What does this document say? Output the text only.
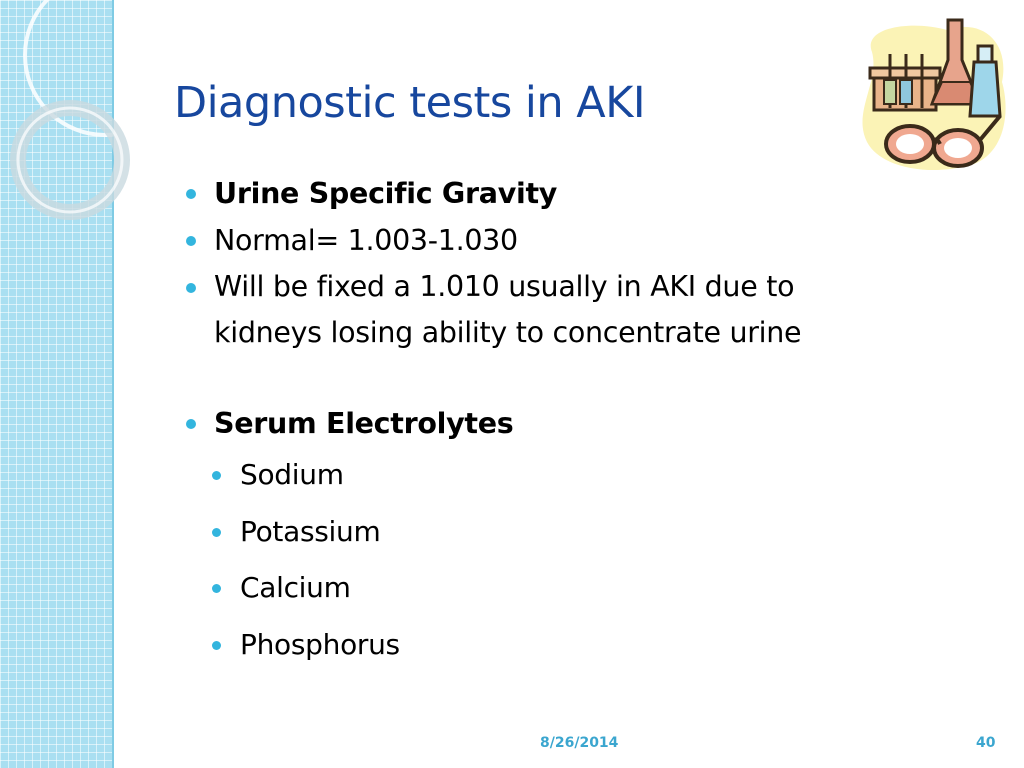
Diagnostic tests in AKI
Urine Specific Gravity
Normal= 1.003-1.030
Will be fixed a 1.010 usually in AKI due to kidneys losing ability to concentrate urine
Serum Electrolytes
Sodium
Potassium
Calcium
Phosphorus
8/26/2014	40
